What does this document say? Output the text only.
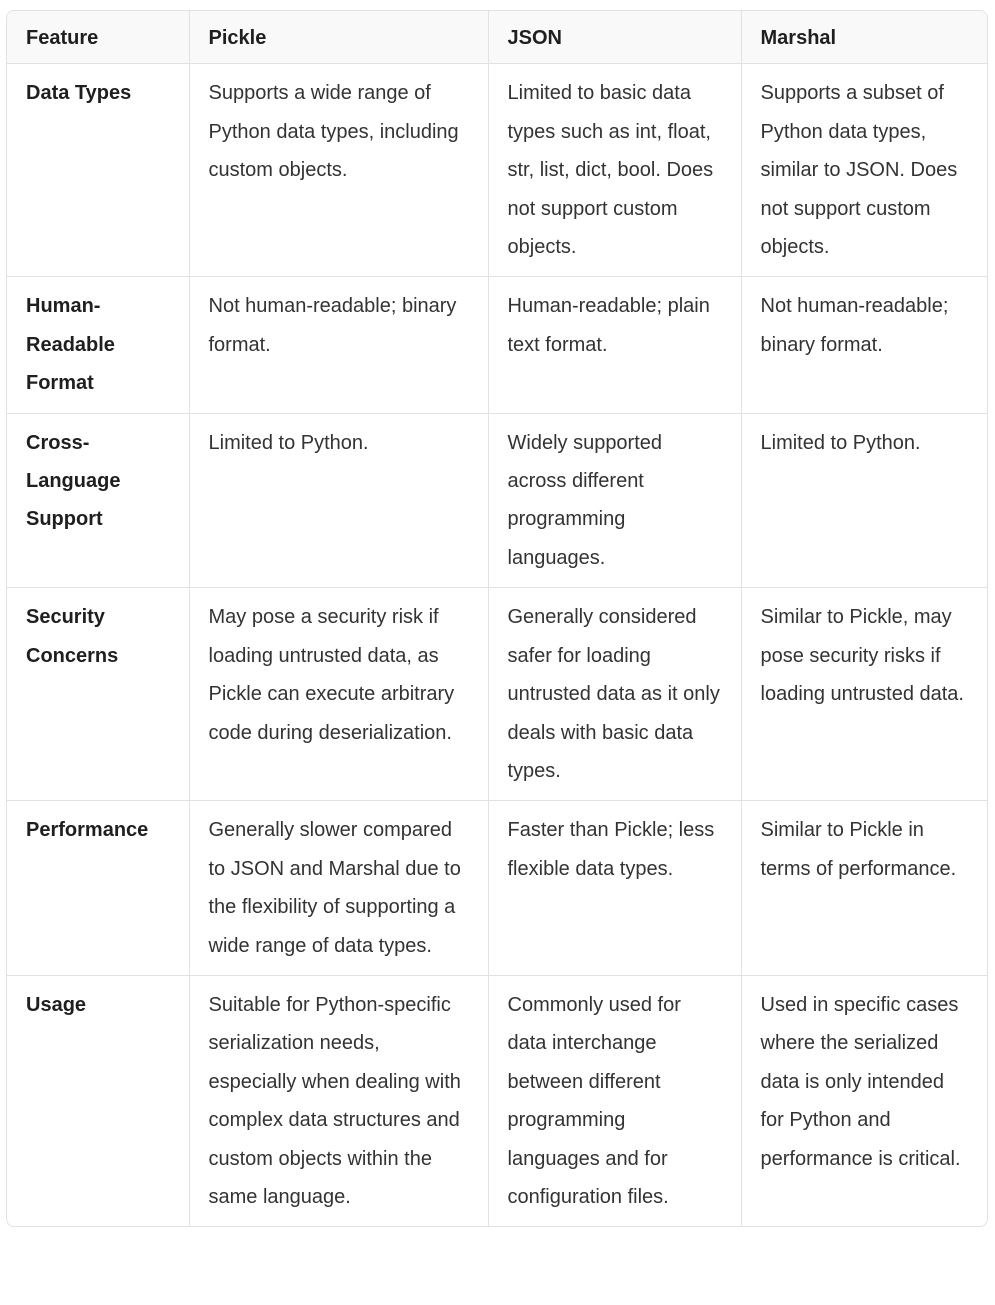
Feature	Pickle	JSON	Marshal
Data Types	Supports a wide range of Python data types, including custom objects.	Limited to basic data types such as int, float, str, list, dict, bool. Does not support custom objects.	Supports a subset of Python data types, similar to JSON. Does not support custom objects.
Human-Readable Format	Not human-readable; binary format.	Human-readable; plain text format.	Not human-readable; binary format.
Cross-Language Support	Limited to Python.	Widely supported across different programming languages.	Limited to Python.
Security Concerns	May pose a security risk if loading untrusted data, as Pickle can execute arbitrary code during deserialization.	Generally considered safer for loading untrusted data as it only deals with basic data types.	Similar to Pickle, may pose security risks if loading untrusted data.
Performance	Generally slower compared to JSON and Marshal due to the flexibility of supporting a wide range of data types.	Faster than Pickle; less flexible data types.	Similar to Pickle in terms of performance.
Usage	Suitable for Python-specific serialization needs, especially when dealing with complex data structures and custom objects within the same language.	Commonly used for data interchange between different programming languages and for configuration files.	Used in specific cases where the serialized data is only intended for Python and performance is critical.
